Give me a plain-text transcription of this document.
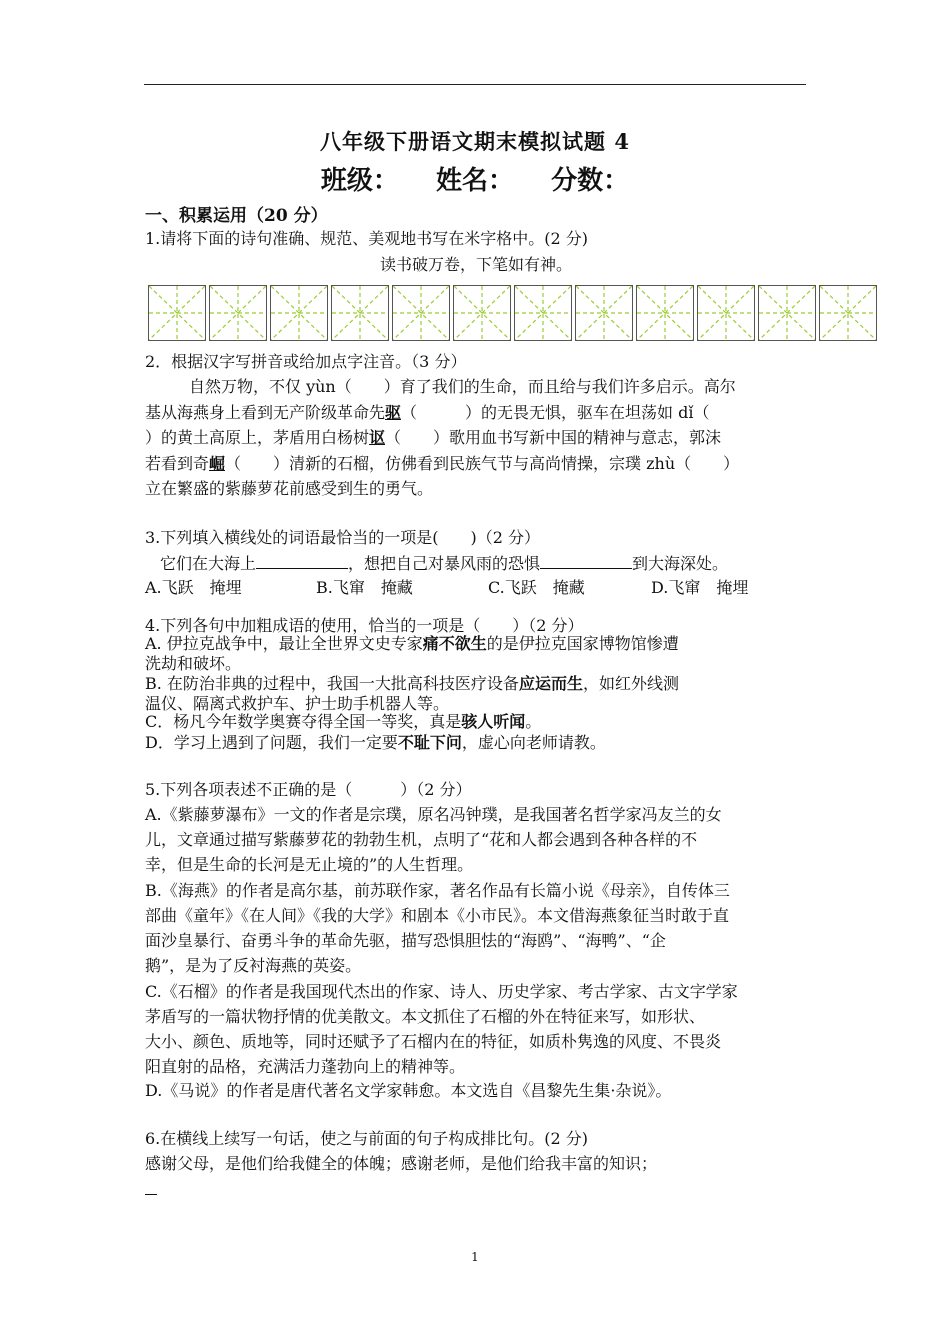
八年级下册语文期末模拟试题 4
班级： 姓名： 分数：
一、积累运用（20 分）
1.请将下面的诗句准确、规范、美观地书写在米字格中。(2 分)
读书破万卷，下笔如有神。
2．根据汉字写拼音或给加点字注音。（3 分）
自然万物，不仅 yùn（　　）育了我们的生命，而且给与我们许多启示。高尔
基从海燕身上看到无产阶级革命先驱（　　　）的无畏无惧，驱车在坦荡如 dǐ（
）的黄土高原上，茅盾用白杨树讴（　　）歌用血书写新中国的精神与意志，郭沫
若看到奇崛（　　）清新的石榴，仿佛看到民族气节与高尚情操，宗璞 zhù（　　）
立在繁盛的紫藤萝花前感受到生的勇气。
3.下列填入横线处的词语最恰当的一项是(　　)（2 分）
它们在大海上	，想把自己对暴风雨的恐惧	到大海深处。
A.飞跃　掩埋	B.飞窜　掩藏	C.飞跃　掩藏	D.飞窜　掩埋
4.下列各句中加粗成语的使用，恰当的一项是（　　）（2 分）
A. 伊拉克战争中，最让全世界文史专家痛不欲生的是伊拉克国家博物馆惨遭
洗劫和破坏。
B. 在防治非典的过程中，我国一大批高科技医疗设备应运而生，如红外线测
温仪、隔离式救护车、护士助手机器人等。
C．杨凡今年数学奥赛夺得全国一等奖，真是骇人听闻。
D．学习上遇到了问题，我们一定要不耻下问，虚心向老师请教。
5.下列各项表述不正确的是（　　　）（2 分）
A.《紫藤萝瀑布》一文的作者是宗璞，原名冯钟璞，是我国著名哲学家冯友兰的女
儿，文章通过描写紫藤萝花的勃勃生机，点明了“花和人都会遇到各种各样的不
幸，但是生命的长河是无止境的”的人生哲理。
B.《海燕》的作者是高尔基，前苏联作家，著名作品有长篇小说《母亲》，自传体三
部曲《童年》《在人间》《我的大学》和剧本《小市民》。本文借海燕象征当时敢于直
面沙皇暴行、奋勇斗争的革命先驱，描写恐惧胆怯的“海鸥”、“海鸭”、“企
鹅”，是为了反衬海燕的英姿。
C.《石榴》的作者是我国现代杰出的作家、诗人、历史学家、考古学家、古文字学家
茅盾写的一篇状物抒情的优美散文。本文抓住了石榴的外在特征来写，如形状、
大小、颜色、质地等，同时还赋予了石榴内在的特征，如质朴隽逸的风度、不畏炎
阳直射的品格，充满活力蓬勃向上的精神等。
D.《马说》的作者是唐代著名文学家韩愈。本文选自《昌黎先生集·杂说》。
6.在横线上续写一句话，使之与前面的句子构成排比句。(2 分)
感谢父母，是他们给我健全的体魄；感谢老师，是他们给我丰富的知识；
1
